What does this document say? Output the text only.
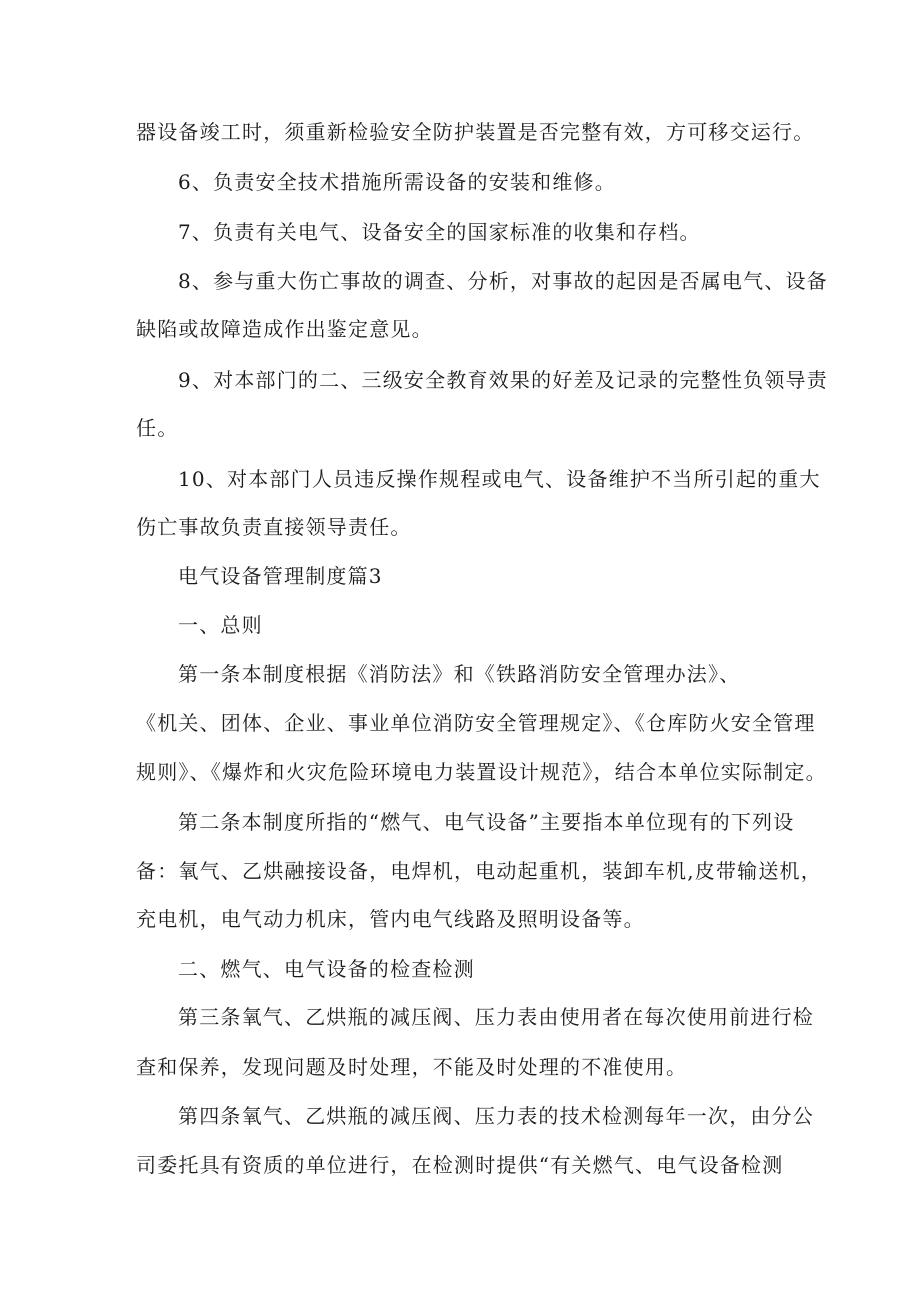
器设备竣工时，须重新检验安全防护装置是否完整有效，方可移交运行。
6、负责安全技术措施所需设备的安装和维修。
7、负责有关电气、设备安全的国家标准的收集和存档。
8、参与重大伤亡事故的调查、分析，对事故的起因是否属电气、设备
缺陷或故障造成作出鉴定意见。
9、对本部门的二、三级安全教育效果的好差及记录的完整性负领导责
任。
10、对本部门人员违反操作规程或电气、设备维护不当所引起的重大
伤亡事故负责直接领导责任。
电气设备管理制度篇3
一、总则
第一条本制度根据《消防法》和《铁路消防安全管理办法》、
《机关、团体、企业、事业单位消防安全管理规定》、《仓库防火安全管理
规则》、《爆炸和火灾危险环境电力装置设计规范》，结合本单位实际制定。
第二条本制度所指的“燃气、电气设备”主要指本单位现有的下列设
备：氧气、乙烘融接设备，电焊机，电动起重机，装卸车机,皮带输送机，
充电机，电气动力机床，管内电气线路及照明设备等。
二、燃气、电气设备的检查检测
第三条氧气、乙烘瓶的减压阀、压力表由使用者在每次使用前进行检
查和保养，发现问题及时处理，不能及时处理的不准使用。
第四条氧气、乙烘瓶的减压阀、压力表的技术检测每年一次，由分公
司委托具有资质的单位进行，在检测时提供“有关燃气、电气设备检测
